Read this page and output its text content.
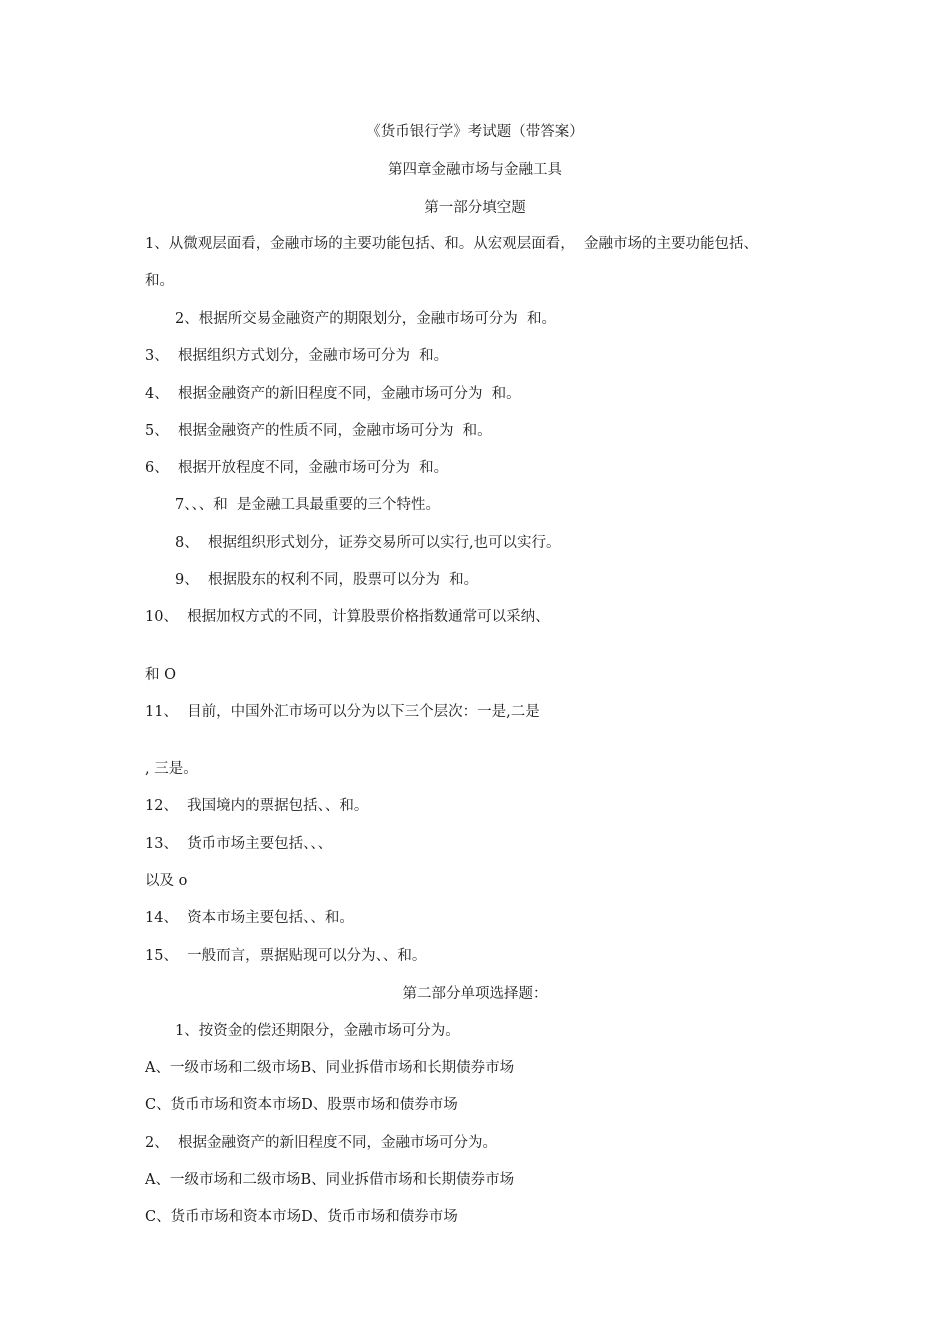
《货币银行学》考试题（带答案）
第四章金融市场与金融工具
第一部分填空题
1、从微观层面看，金融市场的主要功能包括、和。从宏观层面看，  金融市场的主要功能包括、
和。
2、根据所交易金融资产的期限划分，金融市场可分为  和。
3、  根据组织方式划分，金融市场可分为  和。
4、  根据金融资产的新旧程度不同，金融市场可分为  和。
5、  根据金融资产的性质不同，金融市场可分为  和。
6、  根据开放程度不同，金融市场可分为  和。
7、、、和  是金融工具最重要的三个特性。
8、  根据组织形式划分，证券交易所可以实行,也可以实行。
9、  根据股东的权利不同，股票可以分为  和。
10、  根据加权方式的不同，计算股票价格指数通常可以采纳、
和 O
11、  目前，中国外汇市场可以分为以下三个层次：一是,二是
, 三是。
12、  我国境内的票据包括、、和。
13、  货币市场主要包括、、、
以及 o
14、  资本市场主要包括、、和。
15、  一般而言，票据贴现可以分为、、和。
第二部分单项选择题：
1、按资金的偿还期限分，金融市场可分为。
A、一级市场和二级市场B、同业拆借市场和长期债券市场
C、货币市场和资本市场D、股票市场和债券市场
2、  根据金融资产的新旧程度不同，金融市场可分为。
A、一级市场和二级市场B、同业拆借市场和长期债券市场
C、货币市场和资本市场D、货币市场和债券市场
